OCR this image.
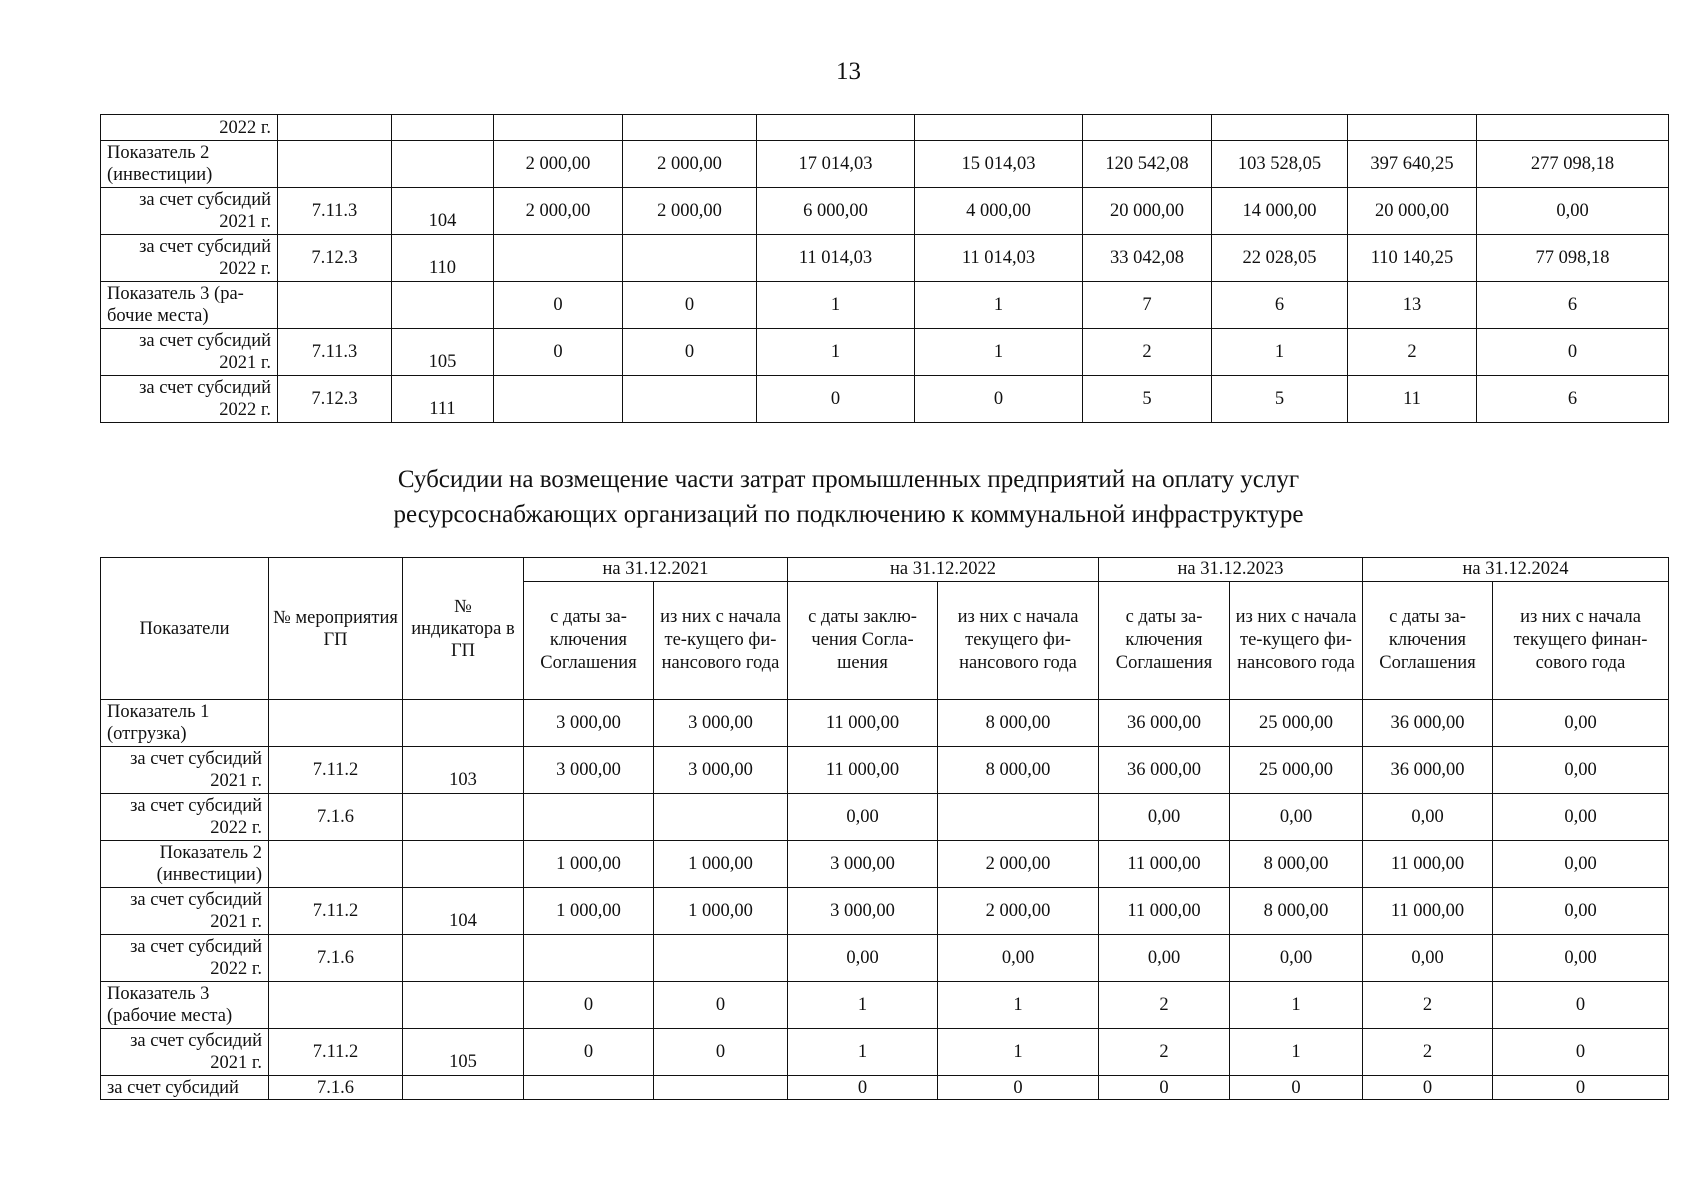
13
2022 г.										
Показатель 2 (инвестиции)			2 000,00	2 000,00	17 014,03	15 014,03	120 542,08	103 528,05	397 640,25	277 098,18
за счет субсидий 2021 г.	7.11.3	104	2 000,00	2 000,00	6 000,00	4 000,00	20 000,00	14 000,00	20 000,00	0,00
за счет субсидий 2022 г.	7.12.3	110			11 014,03	11 014,03	33 042,08	22 028,05	110 140,25	77 098,18
Показатель 3 (ра-бочие места)			0	0	1	1	7	6	13	6
за счет субсидий 2021 г.	7.11.3	105	0	0	1	1	2	1	2	0
за счет субсидий 2022 г.	7.12.3	111			0	0	5	5	11	6
Субсидии на возмещение части затрат промышленных предприятий на оплату услуг
ресурсоснабжающих организаций по подключению к коммунальной инфраструктуре
Показатели	№ мероприятия ГП	№ индикатора в ГП	на 31.12.2021		на 31.12.2022		на 31.12.2023		на 31.12.2024	
			с даты за-ключения Соглашения	из них с начала те-кущего фи-нансового года	с даты заклю-чения Согла-шения	из них с начала текущего фи-нансового года	с даты за-ключения Соглашения	из них с начала те-кущего фи-нансового года	с даты за-ключения Соглашения	из них с начала текущего финан-сового года
Показатель 1 (отгрузка)			3 000,00	3 000,00	11 000,00	8 000,00	36 000,00	25 000,00	36 000,00	0,00
за счет субсидий 2021 г.	7.11.2	103	3 000,00	3 000,00	11 000,00	8 000,00	36 000,00	25 000,00	36 000,00	0,00
за счет субсидий 2022 г.	7.1.6				0,00		0,00	0,00	0,00	0,00
Показатель 2 (инвестиции)			1 000,00	1 000,00	3 000,00	2 000,00	11 000,00	8 000,00	11 000,00	0,00
за счет субсидий 2021 г.	7.11.2	104	1 000,00	1 000,00	3 000,00	2 000,00	11 000,00	8 000,00	11 000,00	0,00
за счет субсидий 2022 г.	7.1.6				0,00	0,00	0,00	0,00	0,00	0,00
Показатель 3 (рабочие места)			0	0	1	1	2	1	2	0
за счет субсидий 2021 г.	7.11.2	105	0	0	1	1	2	1	2	0
за счет субсидий	7.1.6				0	0	0	0	0	0
